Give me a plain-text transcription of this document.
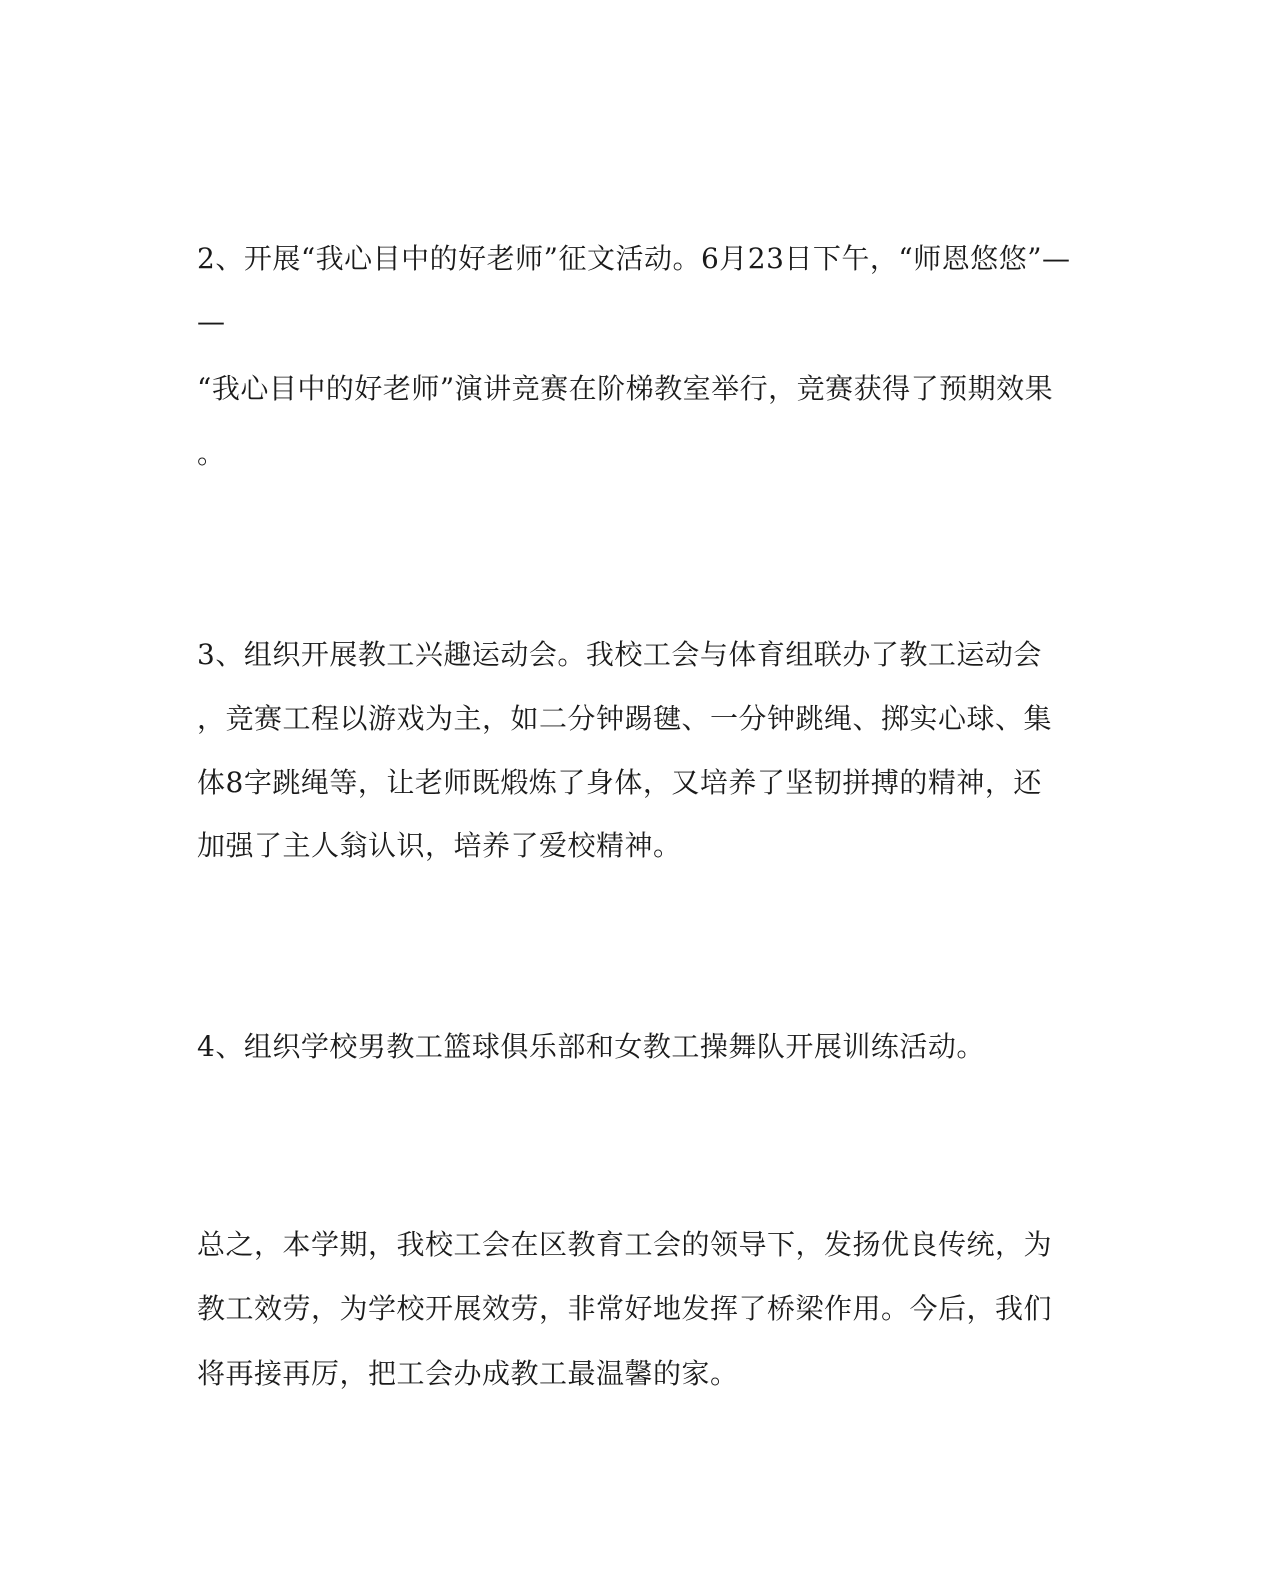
2、开展“我心目中的好老师”征文活动。6月23日下午，“师恩悠悠”—
—
“我心目中的好老师”演讲竞赛在阶梯教室举行，竞赛获得了预期效果
。
3、组织开展教工兴趣运动会。我校工会与体育组联办了教工运动会
，竞赛工程以游戏为主，如二分钟踢毽、一分钟跳绳、掷实心球、集
体8字跳绳等，让老师既煅炼了身体，又培养了坚韧拼搏的精神，还
加强了主人翁认识，培养了爱校精神。
4、组织学校男教工篮球俱乐部和女教工操舞队开展训练活动。
总之，本学期，我校工会在区教育工会的领导下，发扬优良传统，为
教工效劳，为学校开展效劳，非常好地发挥了桥梁作用。今后，我们
将再接再厉，把工会办成教工最温馨的家。
